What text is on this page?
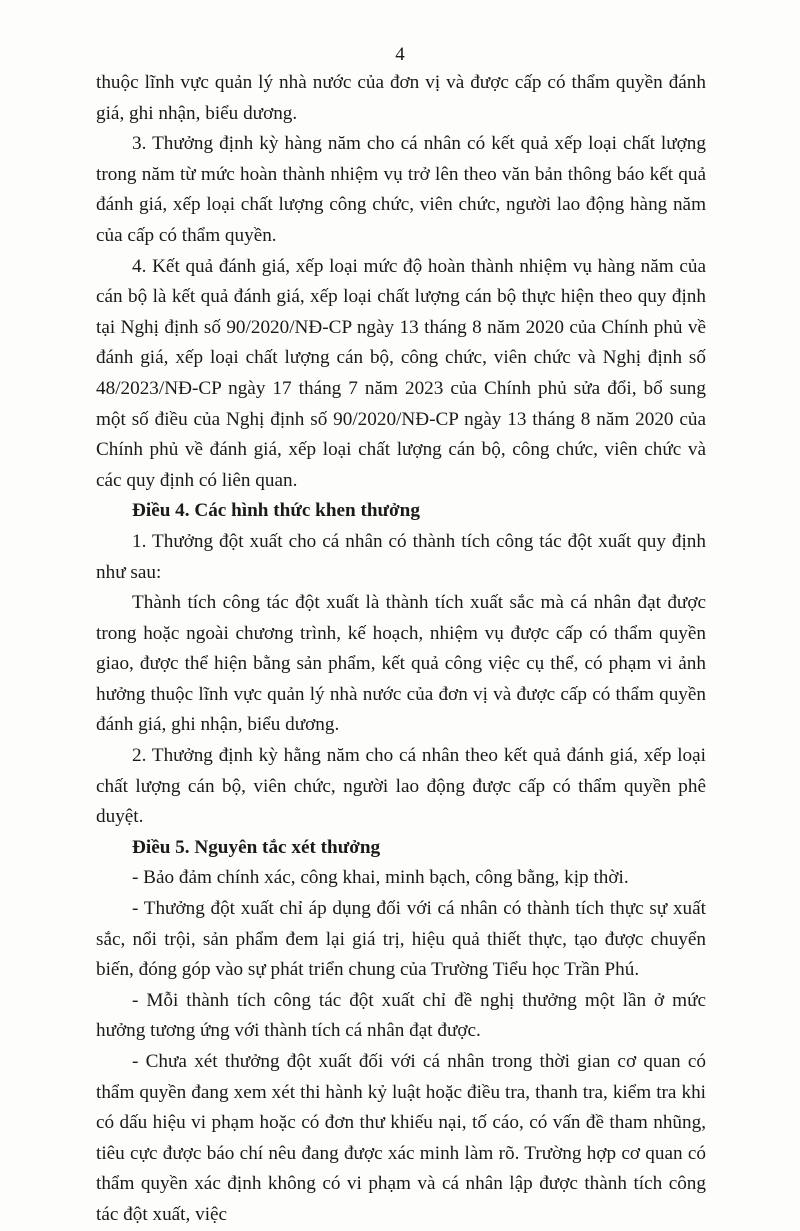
4

thuộc lĩnh vực quản lý nhà nước của đơn vị và được cấp có thẩm quyền đánh giá, ghi nhận, biểu dương.

3. Thưởng định kỳ hàng năm cho cá nhân có kết quả xếp loại chất lượng trong năm từ mức hoàn thành nhiệm vụ trở lên theo văn bản thông báo kết quả đánh giá, xếp loại chất lượng công chức, viên chức, người lao động hàng năm của cấp có thẩm quyền.

4. Kết quả đánh giá, xếp loại mức độ hoàn thành nhiệm vụ hàng năm của cán bộ là kết quả đánh giá, xếp loại chất lượng cán bộ thực hiện theo quy định tại Nghị định số 90/2020/NĐ-CP ngày 13 tháng 8 năm 2020 của Chính phủ về đánh giá, xếp loại chất lượng cán bộ, công chức, viên chức và Nghị định số 48/2023/NĐ-CP ngày 17 tháng 7 năm 2023 của Chính phủ sửa đổi, bổ sung một số điều của Nghị định số 90/2020/NĐ-CP ngày 13 tháng 8 năm 2020 của Chính phủ về đánh giá, xếp loại chất lượng cán bộ, công chức, viên chức và các quy định có liên quan.

Điều 4. Các hình thức khen thưởng

1. Thưởng đột xuất cho cá nhân có thành tích công tác đột xuất quy định như sau:

Thành tích công tác đột xuất là thành tích xuất sắc mà cá nhân đạt được trong hoặc ngoài chương trình, kế hoạch, nhiệm vụ được cấp có thẩm quyền giao, được thể hiện bằng sản phẩm, kết quả công việc cụ thể, có phạm vi ảnh hưởng thuộc lĩnh vực quản lý nhà nước của đơn vị và được cấp có thẩm quyền đánh giá, ghi nhận, biểu dương.

2. Thưởng định kỳ hằng năm cho cá nhân theo kết quả đánh giá, xếp loại chất lượng cán bộ, viên chức, người lao động được cấp có thẩm quyền phê duyệt.

Điều 5. Nguyên tắc xét thưởng

- Bảo đảm chính xác, công khai, minh bạch, công bằng, kịp thời.

- Thưởng đột xuất chỉ áp dụng đối với cá nhân có thành tích thực sự xuất sắc, nổi trội, sản phẩm đem lại giá trị, hiệu quả thiết thực, tạo được chuyển biến, đóng góp vào sự phát triển chung của Trường Tiểu học Trần Phú.

- Mỗi thành tích công tác đột xuất chỉ đề nghị thưởng một lần ở mức hưởng tương ứng với thành tích cá nhân đạt được.

- Chưa xét thưởng đột xuất đối với cá nhân trong thời gian cơ quan có thẩm quyền đang xem xét thi hành kỷ luật hoặc điều tra, thanh tra, kiểm tra khi có dấu hiệu vi phạm hoặc có đơn thư khiếu nại, tố cáo, có vấn đề tham nhũng, tiêu cực được báo chí nêu đang được xác minh làm rõ. Trường hợp cơ quan có thẩm quyền xác định không có vi phạm và cá nhân lập được thành tích công tác đột xuất, việc
